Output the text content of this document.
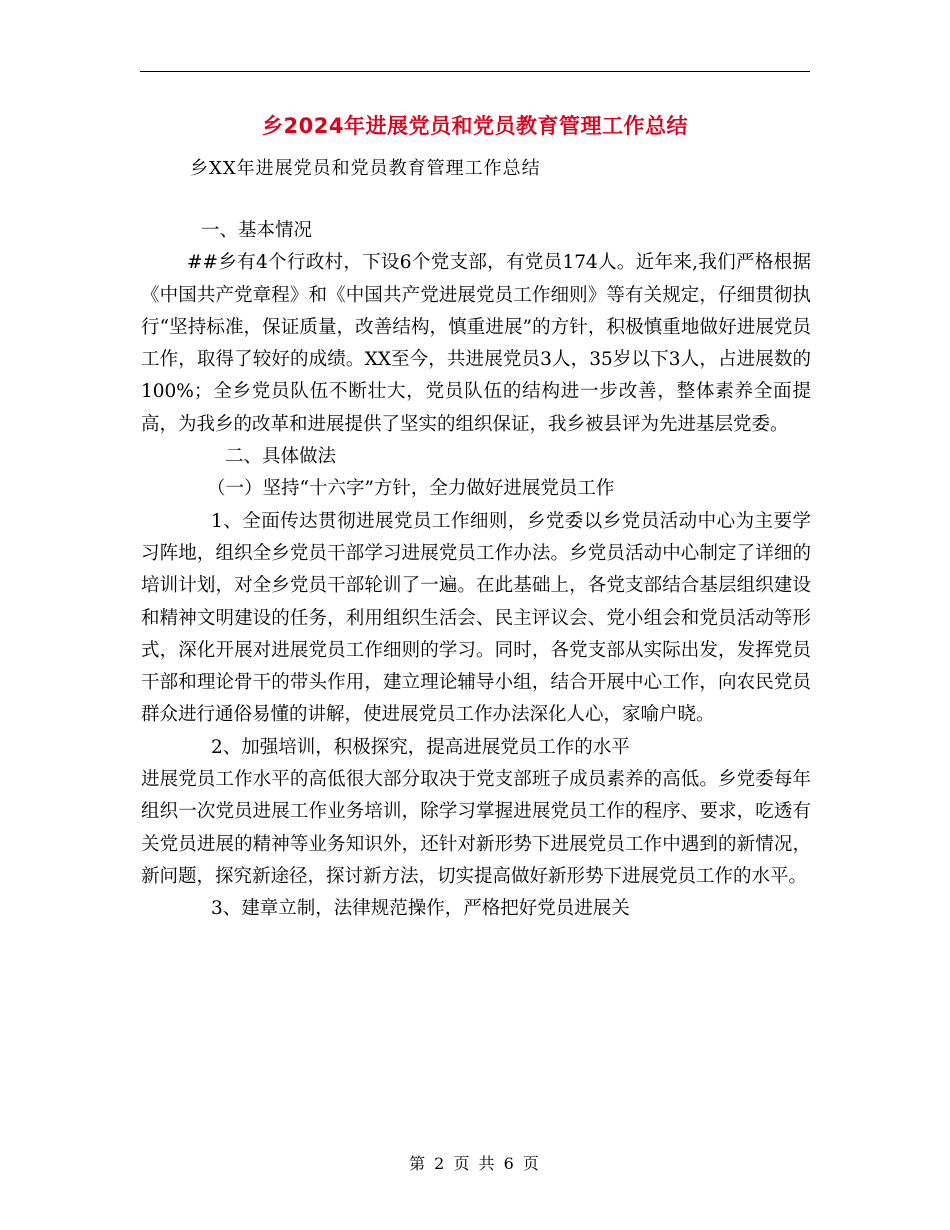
乡2024年进展党员和党员教育管理工作总结
乡XX年进展党员和党员教育管理工作总结

一、基本情况

##乡有4个行政村，下设6个党支部，有党员174人。近年来,我们严格根据《中国共产党章程》和《中国共产党进展党员工作细则》等有关规定，仔细贯彻执行“坚持标准，保证质量，改善结构，慎重进展”的方针，积极慎重地做好进展党员工作，取得了较好的成绩。XX至今，共进展党员3人，35岁以下3人，占进展数的100%；全乡党员队伍不断壮大，党员队伍的结构进一步改善，整体素养全面提高，为我乡的改革和进展提供了坚实的组织保证，我乡被县评为先进基层党委。

二、具体做法

（一）坚持“十六字”方针，全力做好进展党员工作

1、全面传达贯彻进展党员工作细则，乡党委以乡党员活动中心为主要学习阵地，组织全乡党员干部学习进展党员工作办法。乡党员活动中心制定了详细的培训计划，对全乡党员干部轮训了一遍。在此基础上，各党支部结合基层组织建设和精神文明建设的任务，利用组织生活会、民主评议会、党小组会和党员活动等形式，深化开展对进展党员工作细则的学习。同时，各党支部从实际出发，发挥党员干部和理论骨干的带头作用，建立理论辅导小组，结合开展中心工作，向农民党员群众进行通俗易懂的讲解，使进展党员工作办法深化人心，家喻户晓。

2、加强培训，积极探究，提高进展党员工作的水平

进展党员工作水平的高低很大部分取决于党支部班子成员素养的高低。乡党委每年组织一次党员进展工作业务培训，除学习掌握进展党员工作的程序、要求，吃透有关党员进展的精神等业务知识外，还针对新形势下进展党员工作中遇到的新情况，新问题，探究新途径，探讨新方法，切实提高做好新形势下进展党员工作的水平。

3、建章立制，法律规范操作，严格把好党员进展关

第 2 页 共 6 页
